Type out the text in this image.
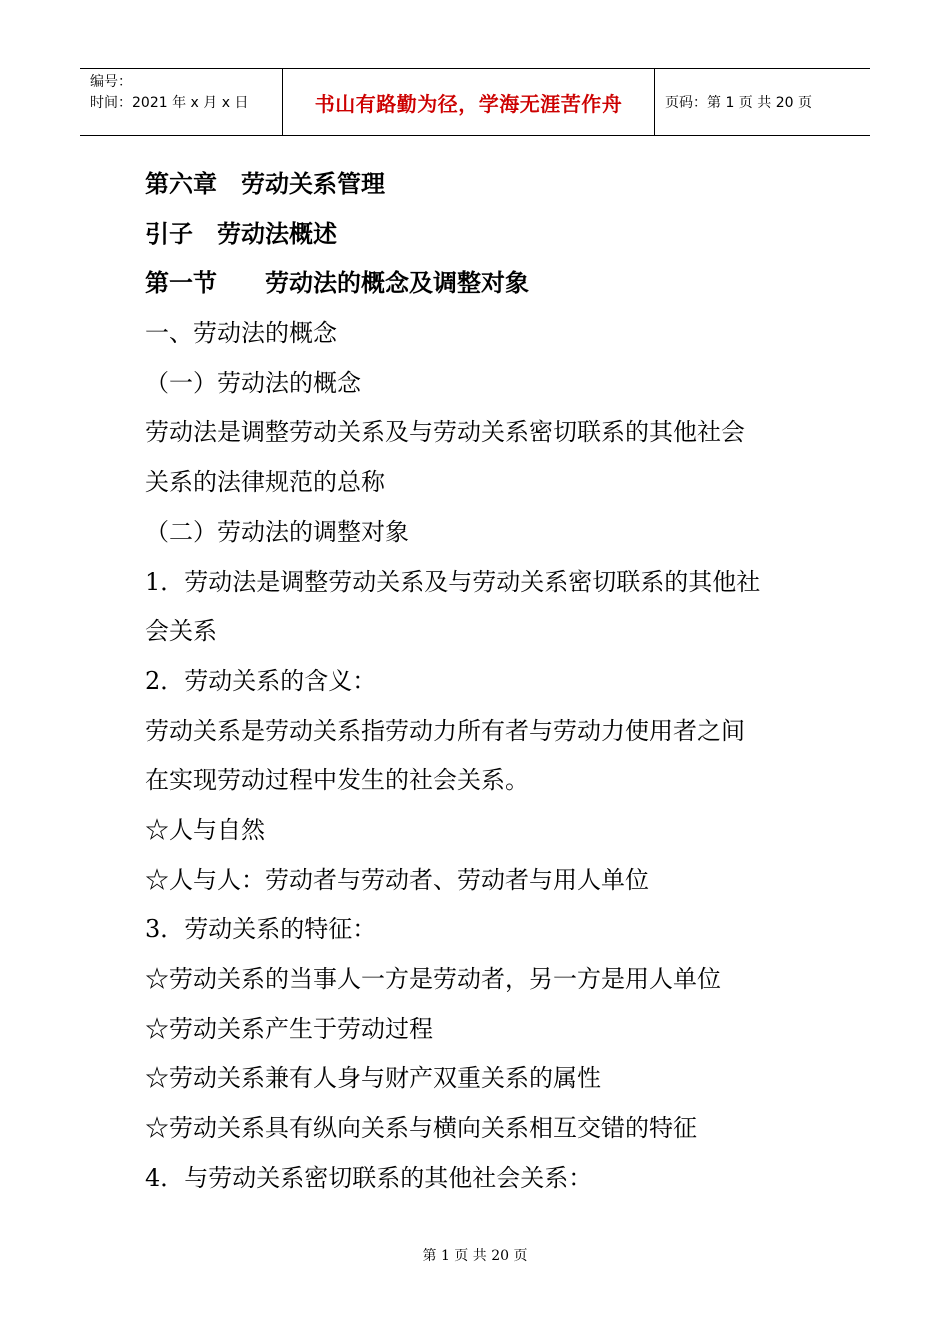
编号：
时间：2021 年 x 月 x 日	书山有路勤为径，学海无涯苦作舟	页码：第 1 页 共 20 页
第六章　劳动关系管理
引子　劳动法概述
第一节　　劳动法的概念及调整对象
一、劳动法的概念
（一）劳动法的概念
劳动法是调整劳动关系及与劳动关系密切联系的其他社会
关系的法律规范的总称
（二）劳动法的调整对象
1．劳动法是调整劳动关系及与劳动关系密切联系的其他社
会关系
2．劳动关系的含义：
劳动关系是劳动关系指劳动力所有者与劳动力使用者之间
在实现劳动过程中发生的社会关系。
☆人与自然
☆人与人：劳动者与劳动者、劳动者与用人单位
3．劳动关系的特征：
☆劳动关系的当事人一方是劳动者，另一方是用人单位
☆劳动关系产生于劳动过程
☆劳动关系兼有人身与财产双重关系的属性
☆劳动关系具有纵向关系与横向关系相互交错的特征
4．与劳动关系密切联系的其他社会关系：
第 1 页 共 20 页
